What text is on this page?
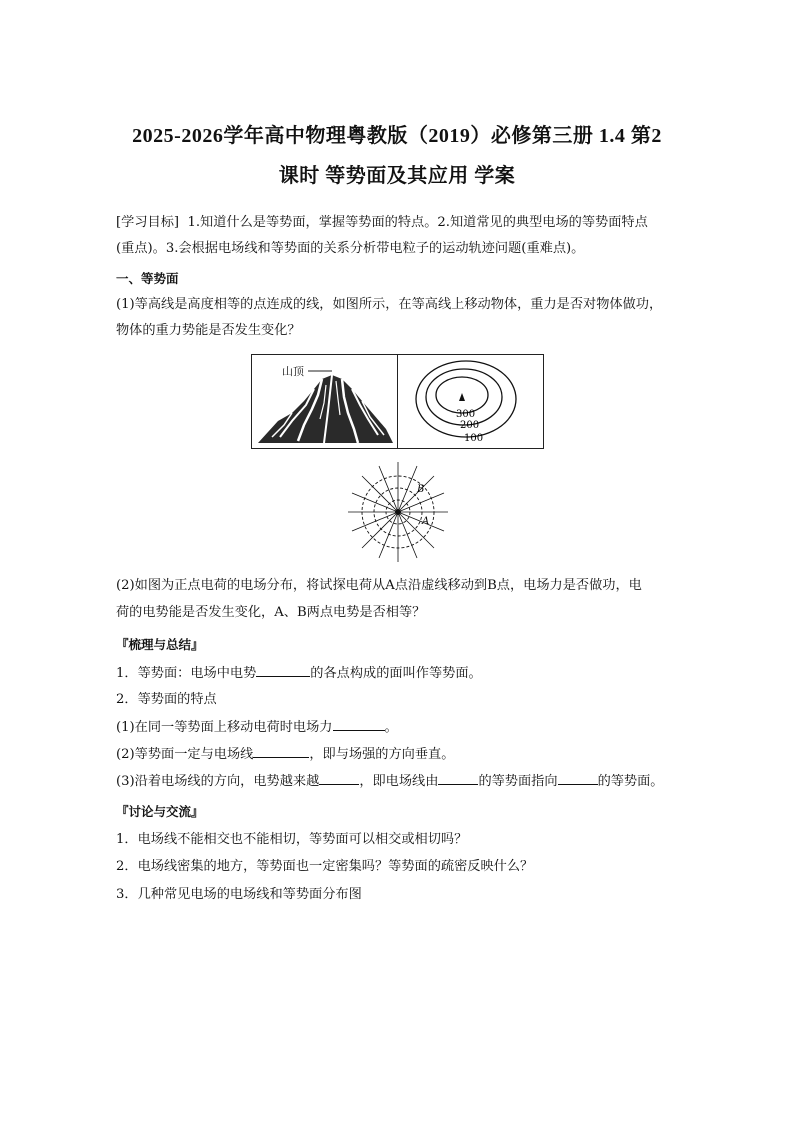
2025-2026学年高中物理粤教版（2019）必修第三册 1.4 第2
课时 等势面及其应用 学案
[学习目标] 1.知道什么是等势面，掌握等势面的特点。2.知道常见的典型电场的等势面特点
(重点)。3.会根据电场线和等势面的关系分析带电粒子的运动轨迹问题(重难点)。
一、等势面
(1)等高线是高度相等的点连成的线，如图所示，在等高线上移动物体，重力是否对物体做功，
物体的重力势能是否发生变化？
山顶
300
200
100
B
A
(2)如图为正点电荷的电场分布，将试探电荷从A点沿虚线移动到B点，电场力是否做功，电
荷的电势能是否发生变化，A、B两点电势是否相等？
『梳理与总结』
1．等势面：电场中电势	的各点构成的面叫作等势面。
2．等势面的特点
(1)在同一等势面上移动电荷时电场力	。
(2)等势面一定与电场线	，即与场强的方向垂直。
(3)沿着电场线的方向，电势越来越	，即电场线由	的等势面指向	的等势面。
『讨论与交流』
1．电场线不能相交也不能相切，等势面可以相交或相切吗？
2．电场线密集的地方，等势面也一定密集吗？等势面的疏密反映什么？
3．几种常见电场的电场线和等势面分布图
